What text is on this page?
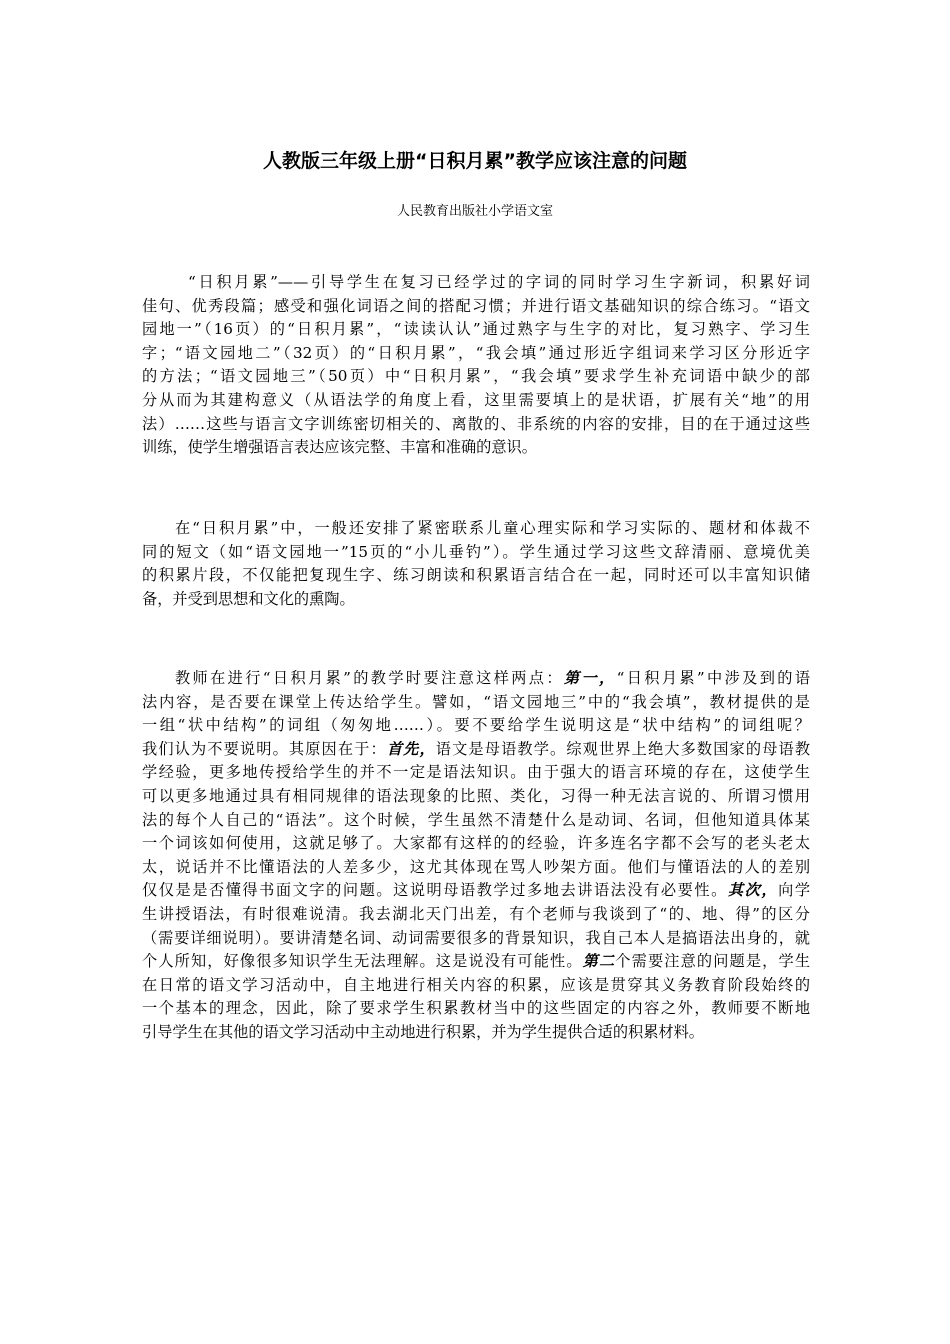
人教版三年级上册“日积月累”教学应该注意的问题

人民教育出版社小学语文室

“日积月累”——引导学生在复习已经学过的字词的同时学习生字新词，积累好词
佳句、优秀段篇；感受和强化词语之间的搭配习惯；并进行语文基础知识的综合练习。“语文
园地一”（16页）的“日积月累”，“读读认认”通过熟字与生字的对比，复习熟字、学习生
字；“语文园地二”（32页）的“日积月累”，“我会填”通过形近字组词来学习区分形近字
的方法；“语文园地三”（50页）中“日积月累”，“我会填”要求学生补充词语中缺少的部
分从而为其建构意义（从语法学的角度上看，这里需要填上的是状语，扩展有关“地”的用
法）……这些与语言文字训练密切相关的、离散的、非系统的内容的安排，目的在于通过这些
训练，使学生增强语言表达应该完整、丰富和准确的意识。
在“日积月累”中，一般还安排了紧密联系儿童心理实际和学习实际的、题材和体裁不
同的短文（如“语文园地一”15页的“小儿垂钓”）。学生通过学习这些文辞清丽、意境优美
的积累片段，不仅能把复现生字、练习朗读和积累语言结合在一起，同时还可以丰富知识储
备，并受到思想和文化的熏陶。
教师在进行“日积月累”的教学时要注意这样两点：第一，“日积月累”中涉及到的语
法内容，是否要在课堂上传达给学生。譬如，“语文园地三”中的“我会填”，教材提供的是
一组“状中结构”的词组（匆匆地……）。要不要给学生说明这是“状中结构”的词组呢？
我们认为不要说明。其原因在于：首先，语文是母语教学。综观世界上绝大多数国家的母语教
学经验，更多地传授给学生的并不一定是语法知识。由于强大的语言环境的存在，这使学生
可以更多地通过具有相同规律的语法现象的比照、类化，习得一种无法言说的、所谓习惯用
法的每个人自己的“语法”。这个时候，学生虽然不清楚什么是动词、名词，但他知道具体某
一个词该如何使用，这就足够了。大家都有这样的的经验，许多连名字都不会写的老头老太
太，说话并不比懂语法的人差多少，这尤其体现在骂人吵架方面。他们与懂语法的人的差别
仅仅是是否懂得书面文字的问题。这说明母语教学过多地去讲语法没有必要性。其次，向学
生讲授语法，有时很难说清。我去湖北天门出差，有个老师与我谈到了“的、地、得”的区分
（需要详细说明）。要讲清楚名词、动词需要很多的背景知识，我自己本人是搞语法出身的，就
个人所知，好像很多知识学生无法理解。这是说没有可能性。第二个需要注意的问题是，学生
在日常的语文学习活动中，自主地进行相关内容的积累，应该是贯穿其义务教育阶段始终的
一个基本的理念，因此，除了要求学生积累教材当中的这些固定的内容之外，教师要不断地
引导学生在其他的语文学习活动中主动地进行积累，并为学生提供合适的积累材料。
